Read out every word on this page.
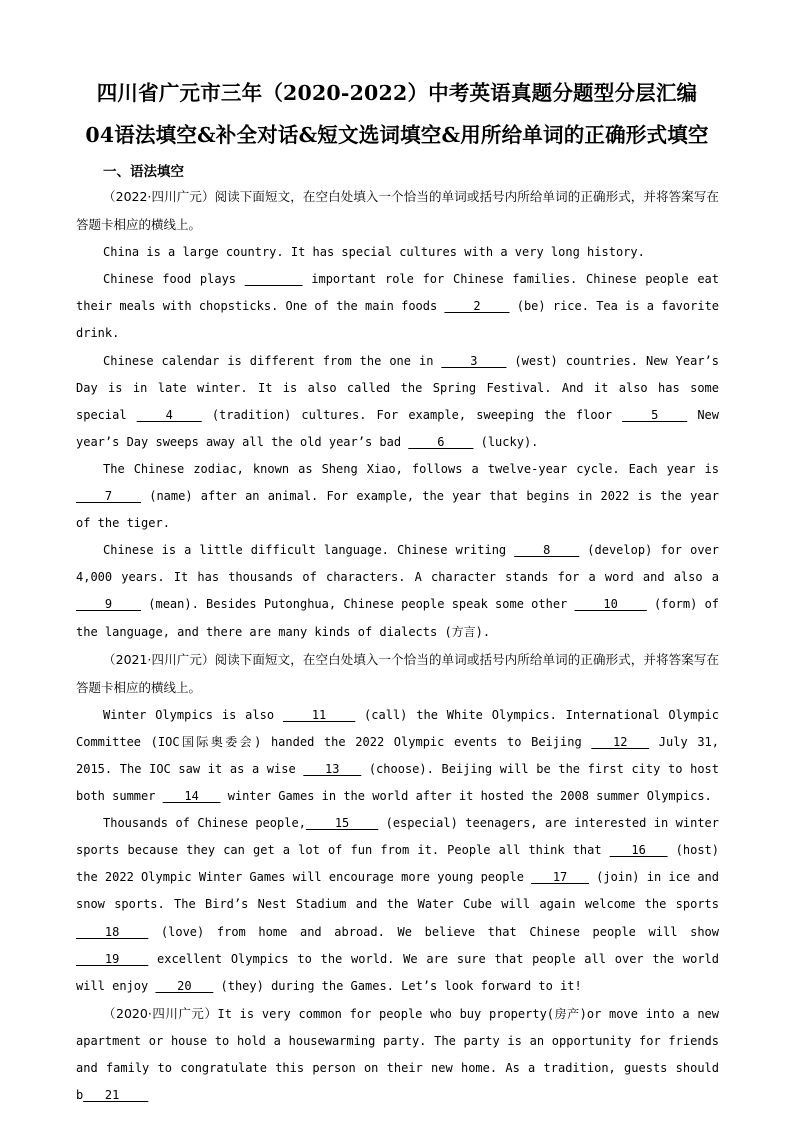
四川省广元市三年（2020-2022）中考英语真题分题型分层汇编
04语法填空&补全对话&短文选词填空&用所给单词的正确形式填空
一、语法填空

（2022·四川广元）阅读下面短文，在空白处填入一个恰当的单词或括号内所给单词的正确形式，并将答案写在答题卡相应的横线上。

China is a large country. It has special cultures with a very long history.

Chinese food plays ________ important role for Chinese families. Chinese people eat their meals with chopsticks. One of the main foods ____2____ (be) rice. Tea is a favorite drink.

Chinese calendar is different from the one in ____3____ (west) countries. New Year’s Day is in late winter. It is also called the Spring Festival. And it also has some special ____4____ (tradition) cultures. For example, sweeping the floor ____5____ New year’s Day sweeps away all the old year’s bad ____6____ (lucky).

The Chinese zodiac, known as Sheng Xiao, follows a twelve-year cycle. Each year is ____7____ (name) after an animal. For example, the year that begins in 2022 is the year of the tiger.

Chinese is a little difficult language. Chinese writing ____8____ (develop) for over 4,000 years. It has thousands of characters. A character stands for a word and also a ____9____ (mean). Besides Putonghua, Chinese people speak some other ____10____ (form) of the language, and there are many kinds of dialects (方言).

（2021·四川广元）阅读下面短文，在空白处填入一个恰当的单词或括号内所给单词的正确形式，并将答案写在答题卡相应的横线上。

Winter Olympics is also ____11____ (call) the White Olympics. International Olympic Committee (IOC国际奥委会) handed the 2022 Olympic events to Beijing ___12___ July 31, 2015. The IOC saw it as a wise ___13___ (choose). Beijing will be the first city to host both summer ___14___ winter Games in the world after it hosted the 2008 summer Olympics.

Thousands of Chinese people,____15____ (especial) teenagers, are interested in winter sports because they can get a lot of fun from it. People all think that ___16___ (host) the 2022 Olympic Winter Games will encourage more young people ___17___ (join) in ice and snow sports. The Bird’s Nest Stadium and the Water Cube will again welcome the sports ____18____ (love) from home and abroad. We believe that Chinese people will show ____19____ excellent Olympics to the world. We are sure that people all over the world will enjoy ___20___ (they) during the Games. Let’s look forward to it!

（2020·四川广元）It is very common for people who buy property(房产)or move into a new apartment or house to hold a housewarming party. The party is an opportunity for friends and family to congratulate this person on their new home. As a tradition, guests should b___21____
